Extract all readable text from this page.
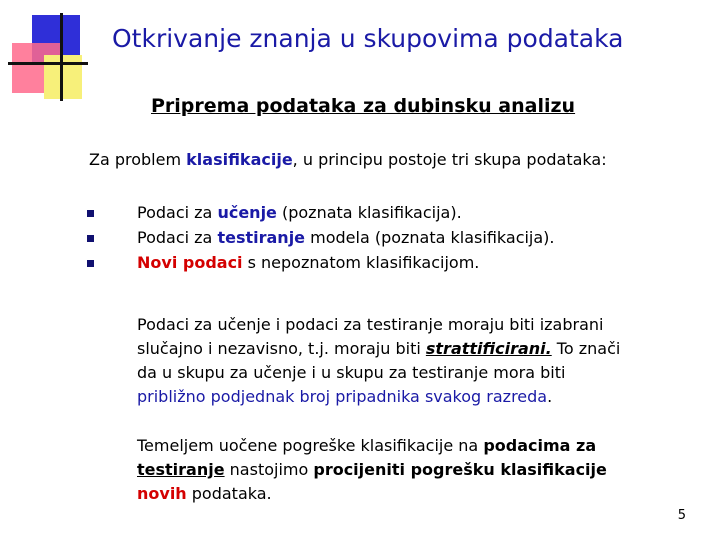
Otkrivanje znanja u skupovima podataka
Priprema podataka za dubinsku analizu
Za problem klasifikacije, u principu postoje tri skupa podataka:
Podaci za učenje (poznata klasifikacija).
Podaci za testiranje modela (poznata klasifikacija).
Novi podaci s nepoznatom klasifikacijom.
Podaci za učenje i podaci za testiranje moraju biti izabrani
slučajno i nezavisno, t.j. moraju biti strattificirani. To znači
da u skupu za učenje i u skupu za testiranje mora biti
približno podjednak broj pripadnika svakog razreda.
Temeljem uočene pogreške klasifikacije na podacima za
testiranje nastojimo procijeniti pogrešku klasifikacije
novih podataka.
5
